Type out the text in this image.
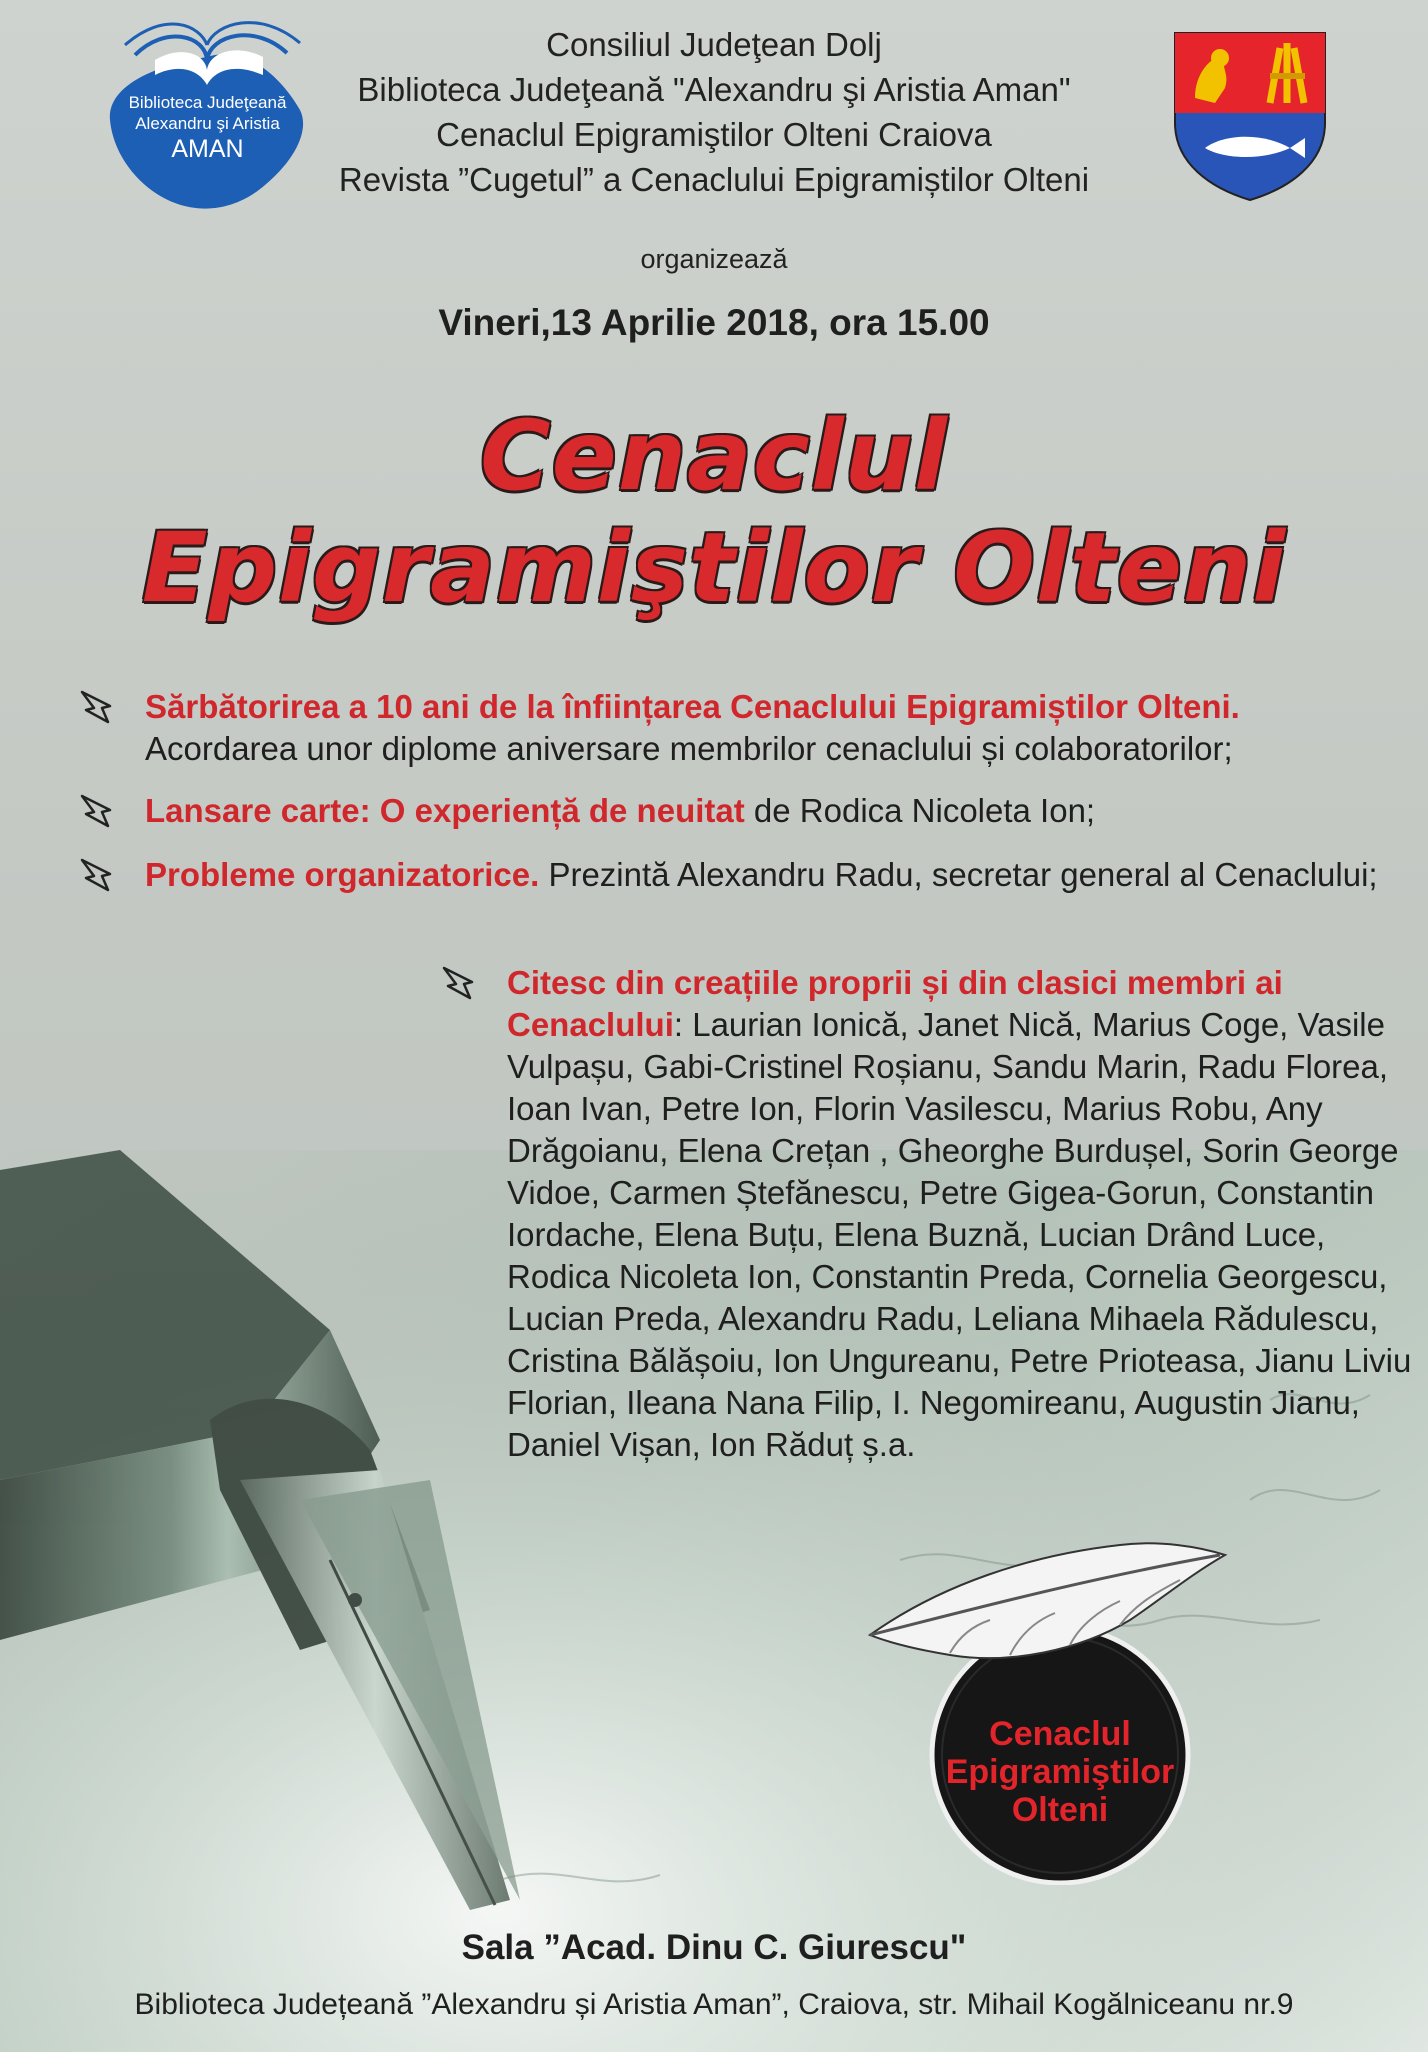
Biblioteca Judeţeană
Alexandru şi Aristia
AMAN
Consiliul Judeţean Dolj
Biblioteca Judeţeană "Alexandru şi Aristia Aman"
Cenaclul Epigramiştilor Olteni Craiova
Revista ”Cugetul” a Cenaclului Epigramiștilor Olteni
organizează
Vineri,13 Aprilie 2018, ora 15.00
Cenaclul
Epigramiştilor Olteni
Sărbătorirea a 10 ani de la înființarea Cenaclului Epigramiștilor Olteni.
Acordarea unor diplome aniversare membrilor cenaclului și colaboratorilor;
Lansare carte: O experiență de neuitat de Rodica Nicoleta Ion;
Probleme organizatorice. Prezintă Alexandru Radu, secretar general al Cenaclului;
Citesc din creațiile proprii și din clasici membri ai Cenaclului: Laurian Ionică, Janet Nică, Marius Coge, Vasile Vulpașu, Gabi-Cristinel Roșianu, Sandu Marin, Radu Florea, Ioan Ivan, Petre Ion, Florin Vasilescu, Marius Robu, Any Drăgoianu, Elena Crețan , Gheorghe Burdușel, Sorin George Vidoe, Carmen Ștefănescu, Petre Gigea-Gorun, Constantin Iordache, Elena Buțu, Elena Buznă, Lucian Drând Luce, Rodica Nicoleta Ion, Constantin Preda, Cornelia Georgescu, Lucian Preda, Alexandru Radu, Leliana Mihaela Rădulescu, Cristina Bălășoiu, Ion Ungureanu, Petre Prioteasa, Jianu Liviu Florian, Ileana Nana Filip, I. Negomireanu, Augustin Jianu, Daniel Vișan, Ion Răduț ș.a.
Cenaclul
Epigramiştilor
Olteni
Sala ”Acad. Dinu C. Giurescu"
Biblioteca Județeană ”Alexandru și Aristia Aman”, Craiova, str. Mihail Kogălniceanu nr.9
